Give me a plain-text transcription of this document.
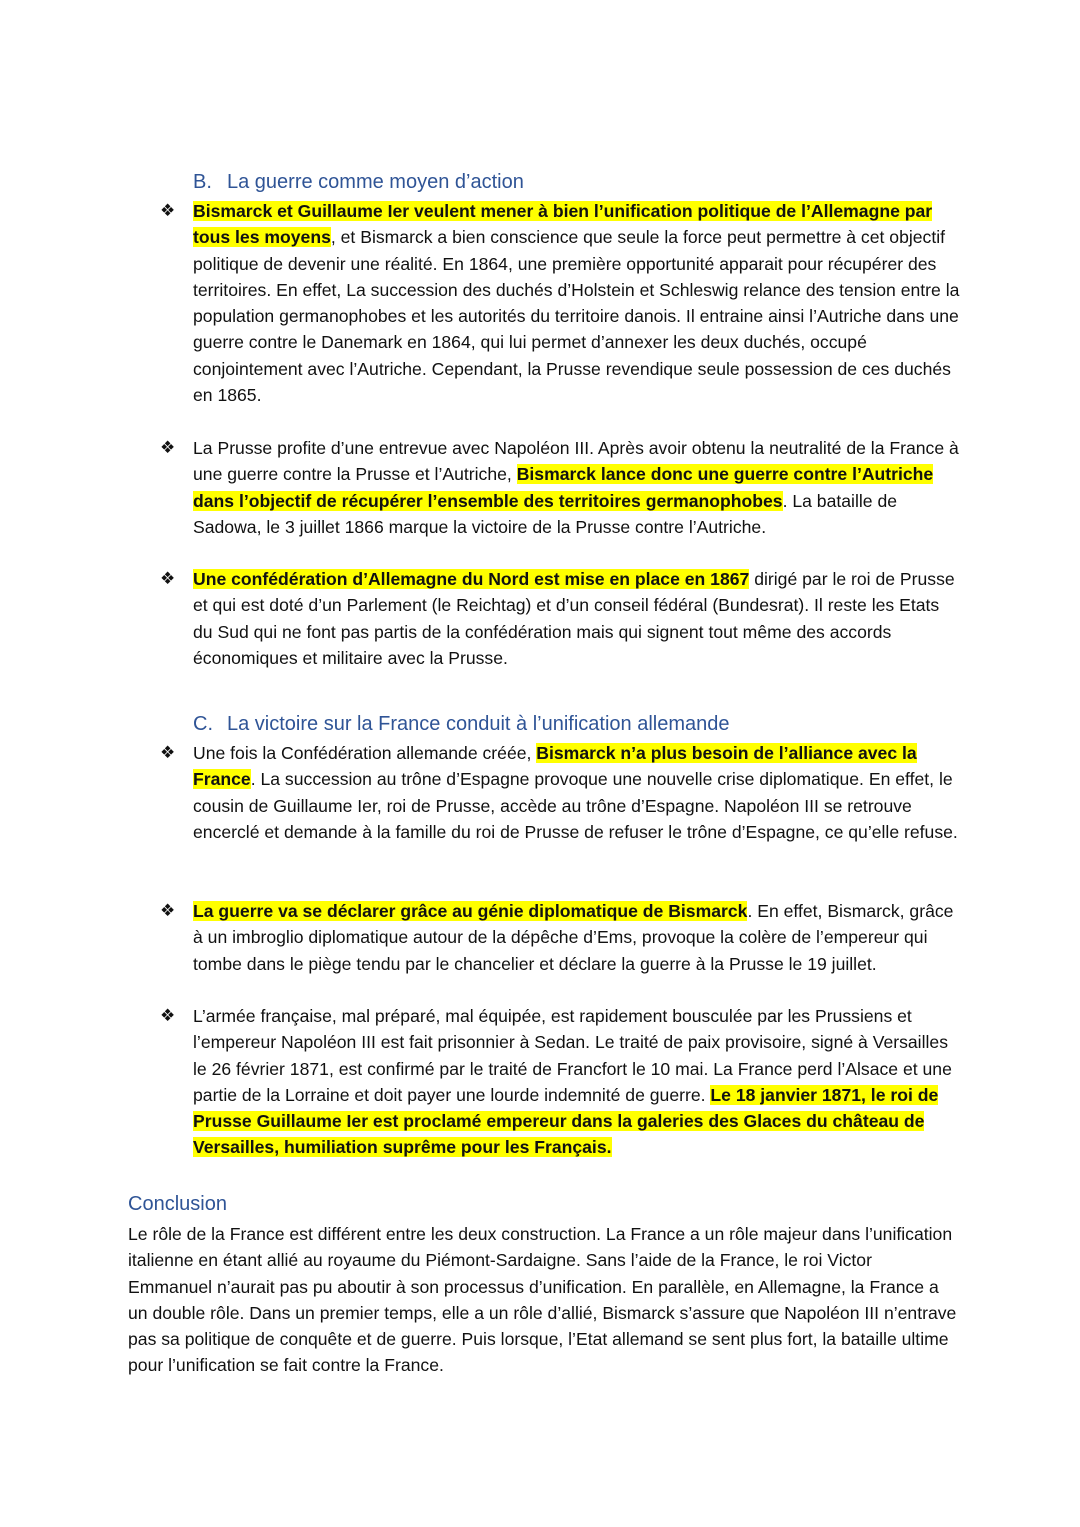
B. La guerre comme moyen d’action
❖	Bismarck et Guillaume Ier veulent mener à bien l’unification politique de l’Allemagne par tous les moyens, et Bismarck a bien conscience que seule la force peut permettre à cet objectif politique de devenir une réalité. En 1864, une première opportunité apparait pour récupérer des territoires. En effet, La succession des duchés d’Holstein et Schleswig relance des tension entre la population germanophobes et les autorités du territoire danois. Il entraine ainsi l’Autriche dans une guerre contre le Danemark en 1864, qui lui permet d’annexer les deux duchés, occupé conjointement avec l’Autriche. Cependant, la Prusse revendique seule possession de ces duchés en 1865.
❖	La Prusse profite d’une entrevue avec Napoléon III. Après avoir obtenu la neutralité de la France à une guerre contre la Prusse et l’Autriche, Bismarck lance donc une guerre contre l’Autriche dans l’objectif de récupérer l’ensemble des territoires germanophobes. La bataille de Sadowa, le 3 juillet 1866 marque la victoire de la Prusse contre l’Autriche.
❖	Une confédération d’Allemagne du Nord est mise en place en 1867 dirigé par le roi de Prusse et qui est doté d’un Parlement (le Reichtag) et d’un conseil fédéral (Bundesrat). Il reste les Etats du Sud qui ne font pas partis de la confédération mais qui signent tout même des accords économiques et militaire avec la Prusse.
C. La victoire sur la France conduit à l’unification allemande
❖	Une fois la Confédération allemande créée, Bismarck n’a plus besoin de l’alliance avec la France. La succession au trône d’Espagne provoque une nouvelle crise diplomatique. En effet, le cousin de Guillaume Ier, roi de Prusse, accède au trône d’Espagne. Napoléon III se retrouve encerclé et demande à la famille du roi de Prusse de refuser le trône d’Espagne, ce qu’elle refuse.
❖	La guerre va se déclarer grâce au génie diplomatique de Bismarck. En effet, Bismarck, grâce à un imbroglio diplomatique autour de la dépêche d’Ems, provoque la colère de l’empereur qui tombe dans le piège tendu par le chancelier et déclare la guerre à la Prusse le 19 juillet.
❖	L’armée française, mal préparé, mal équipée, est rapidement bousculée par les Prussiens et l’empereur Napoléon III est fait prisonnier à Sedan. Le traité de paix provisoire, signé à Versailles le 26 février 1871, est confirmé par le traité de Francfort le 10 mai. La France perd l’Alsace et une partie de la Lorraine et doit payer une lourde indemnité de guerre. Le 18 janvier 1871, le roi de Prusse Guillaume Ier est proclamé empereur dans la galeries des Glaces du château de Versailles, humiliation suprême pour les Français.
Conclusion
Le rôle de la France est différent entre les deux construction. La France a un rôle majeur dans l’unification italienne en étant allié au royaume du Piémont-Sardaigne. Sans l’aide de la France, le roi Victor Emmanuel n’aurait pas pu aboutir à son processus d’unification. En parallèle, en Allemagne, la France a un double rôle. Dans un premier temps, elle a un rôle d’allié, Bismarck s’assure que Napoléon III n’entrave pas sa politique de conquête et de guerre. Puis lorsque, l’Etat allemand se sent plus fort, la bataille ultime pour l’unification se fait contre la France.
